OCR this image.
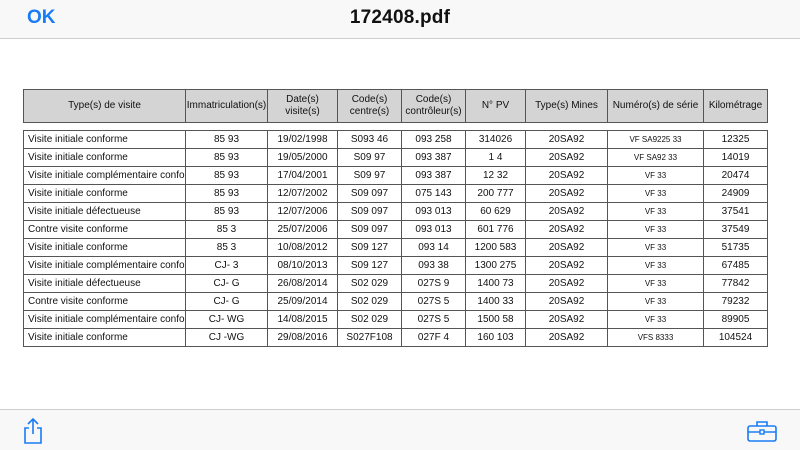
OK	172408.pdf
Type(s) de visite	Immatriculation(s)	Date(s) visite(s)	Code(s) centre(s)	Code(s) contrôleur(s)	N° PV	Type(s) Mines	Numéro(s) de série	Kilométrage
Visite initiale conforme	85 93	19/02/1998	S093 46	093 258	314026	20SA92	VF SA9225 33	12325
Visite initiale conforme	85 93	19/05/2000	S09 97	093 387	1 4	20SA92	VF SA92 33	14019
Visite initiale complémentaire confo	85 93	17/04/2001	S09 97	093 387	12 32	20SA92	VF 33	20474
Visite initiale conforme	85 93	12/07/2002	S09 097	075 143	200 777	20SA92	VF 33	24909
Visite initiale défectueuse	85 93	12/07/2006	S09 097	093 013	60 629	20SA92	VF 33	37541
Contre visite conforme	85 3	25/07/2006	S09 097	093 013	601 776	20SA92	VF 33	37549
Visite initiale conforme	85 3	10/08/2012	S09 127	093 14	1200 583	20SA92	VF 33	51735
Visite initiale complémentaire confo	CJ- 3	08/10/2013	S09 127	093 38	1300 275	20SA92	VF 33	67485
Visite initiale défectueuse	CJ- G	26/08/2014	S02 029	027S 9	1400 73	20SA92	VF 33	77842
Contre visite conforme	CJ- G	25/09/2014	S02 029	027S 5	1400 33	20SA92	VF 33	79232
Visite initiale complémentaire confo	CJ- WG	14/08/2015	S02 029	027S 5	1500 58	20SA92	VF 33	89905
Visite initiale conforme	CJ -WG	29/08/2016	S027F108	027F 4	160 103	20SA92	VFS 8333	104524
